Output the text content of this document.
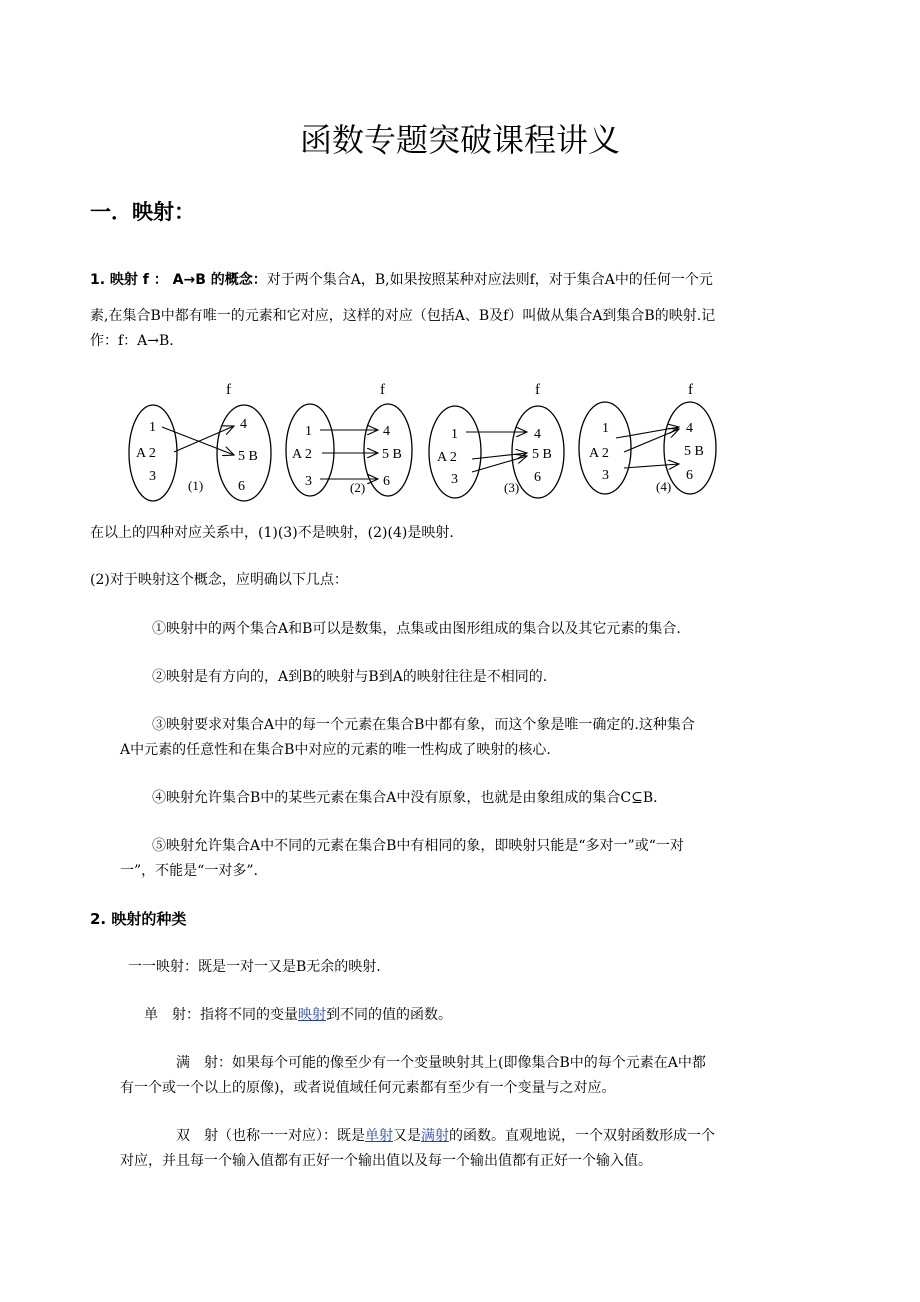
函数专题突破课程讲义
一．映射：
1. 映射 f ： A→B 的概念：对于两个集合A，B,如果按照某种对应法则f，对于集合A中的任何一个元
素,在集合B中都有唯一的元素和它对应，这样的对应（包括A、B及f）叫做从集合A到集合B的映射.记
作：f：A→B.
f
1
A 2
3
4
5 B
6
(1)
f
1
A 2
3
4
5 B
6
(2)
f
1
A 2
3
4
5 B
6
(3)
f
1
A 2
3
4
5 B
6
(4)
在以上的四种对应关系中，(1)(3)不是映射，(2)(4)是映射.
(2)对于映射这个概念，应明确以下几点：
①映射中的两个集合A和B可以是数集，点集或由图形组成的集合以及其它元素的集合.
②映射是有方向的，A到B的映射与B到A的映射往往是不相同的.
③映射要求对集合A中的每一个元素在集合B中都有象，而这个象是唯一确定的.这种集合
A中元素的任意性和在集合B中对应的元素的唯一性构成了映射的核心.
④映射允许集合B中的某些元素在集合A中没有原象，也就是由象组成的集合C⊆B.
⑤映射允许集合A中不同的元素在集合B中有相同的象，即映射只能是“多对一”或“一对
一”，不能是“一对多”.
2. 映射的种类
一一映射：既是一对一又是B无余的映射.
单　射：指将不同的变量映射到不同的值的函数。
满　射：如果每个可能的像至少有一个变量映射其上(即像集合B中的每个元素在A中都
有一个或一个以上的原像)，或者说值域任何元素都有至少有一个变量与之对应。
双　射（也称一一对应）：既是单射又是满射的函数。直观地说，一个双射函数形成一个
对应，并且每一个输入值都有正好一个输出值以及每一个输出值都有正好一个输入值。
